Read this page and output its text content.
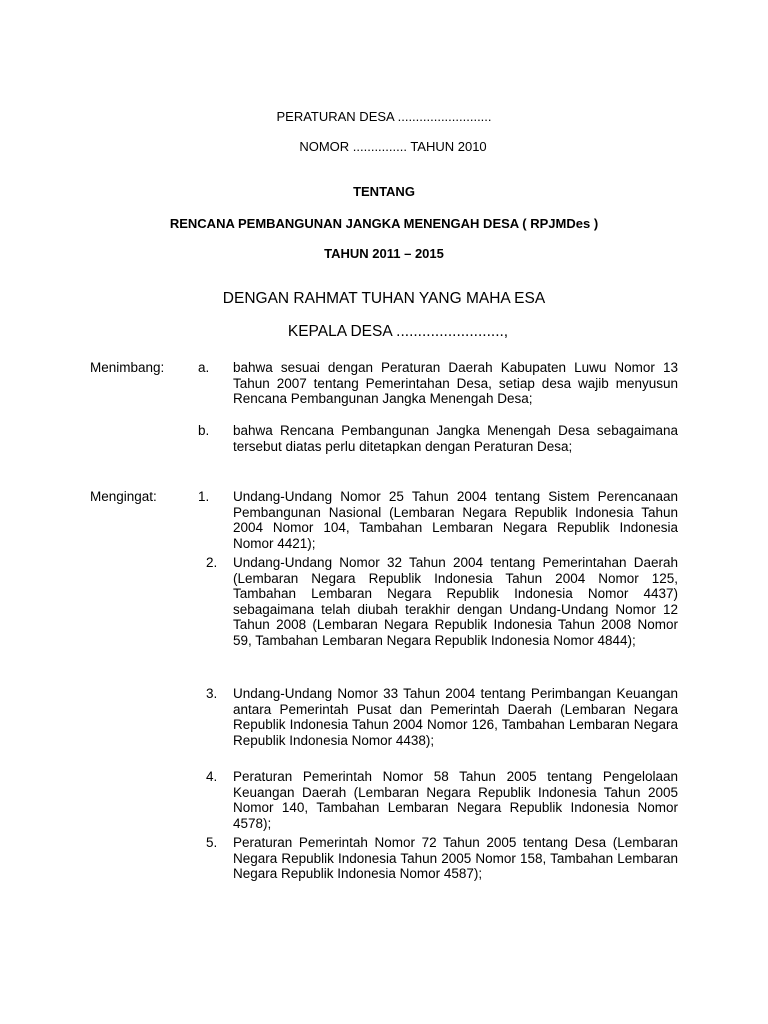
PERATURAN DESA ..........................
NOMOR ............... TAHUN 2010
TENTANG
RENCANA PEMBANGUNAN JANGKA MENENGAH DESA ( RPJMDes )
TAHUN 2011 – 2015
DENGAN RAHMAT TUHAN YANG MAHA ESA
KEPALA DESA .........................,
Menimbang: a. bahwa sesuai dengan Peraturan Daerah Kabupaten Luwu Nomor 13 Tahun 2007 tentang Pemerintahan Desa, setiap desa wajib menyusun Rencana Pembangunan Jangka Menengah Desa;
b. bahwa Rencana Pembangunan Jangka Menengah Desa sebagaimana tersebut diatas perlu ditetapkan dengan Peraturan Desa;
Mengingat:	1. Undang-Undang Nomor 25 Tahun 2004 tentang Sistem Perencanaan Pembangunan Nasional (Lembaran Negara Republik Indonesia Tahun 2004 Nomor 104, Tambahan Lembaran Negara Republik Indonesia Nomor 4421);
2. Undang-Undang Nomor 32 Tahun 2004 tentang Pemerintahan Daerah (Lembaran Negara Republik Indonesia Tahun 2004 Nomor 125, Tambahan Lembaran Negara Republik Indonesia Nomor 4437) sebagaimana telah diubah terakhir dengan Undang-Undang Nomor 12 Tahun 2008 (Lembaran Negara Republik Indonesia Tahun 2008 Nomor 59, Tambahan Lembaran Negara Republik Indonesia Nomor 4844);
3. Undang-Undang Nomor 33 Tahun 2004 tentang Perimbangan Keuangan antara Pemerintah Pusat dan Pemerintah Daerah (Lembaran Negara Republik Indonesia Tahun 2004 Nomor 126, Tambahan Lembaran Negara Republik Indonesia Nomor 4438);
4. Peraturan Pemerintah Nomor 58 Tahun 2005 tentang Pengelolaan Keuangan Daerah (Lembaran Negara Republik Indonesia Tahun 2005 Nomor 140, Tambahan Lembaran Negara Republik Indonesia Nomor 4578);
5. Peraturan Pemerintah Nomor 72 Tahun 2005 tentang Desa (Lembaran Negara Republik Indonesia Tahun 2005 Nomor 158, Tambahan Lembaran Negara Republik Indonesia Nomor 4587);
